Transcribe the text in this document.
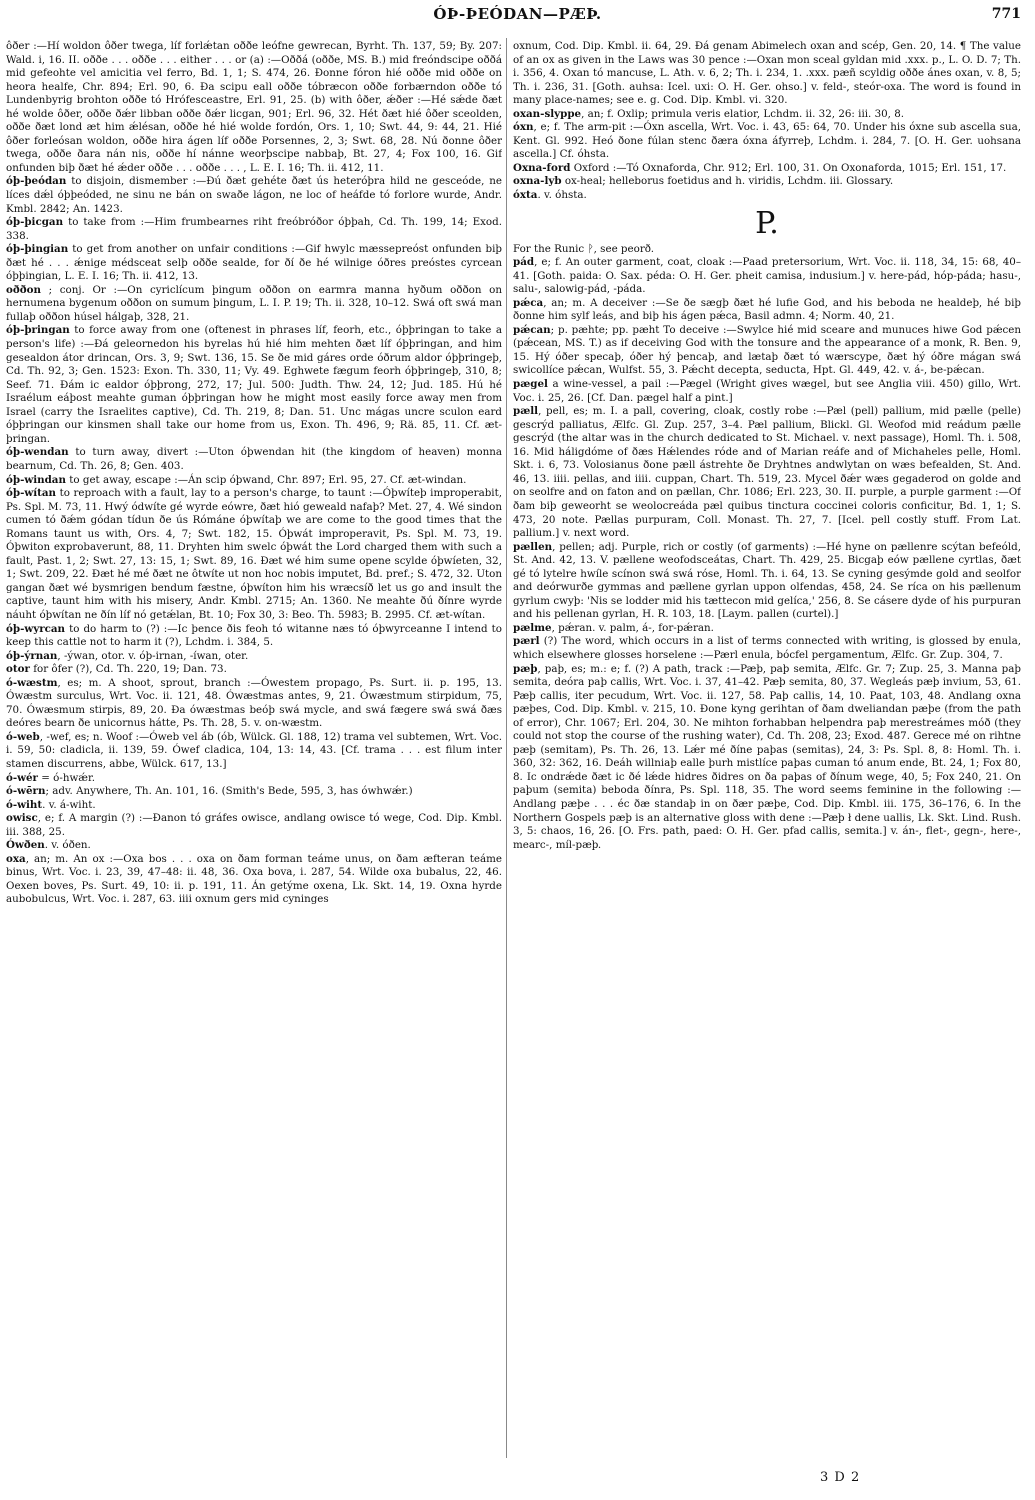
ÓÞ-ÞEÓDAN—PÆÞ.	771

ôðer :—Hí woldon ôðer twega, líf forlǽtan oððe leófne gewrecan, Byrht. Th. 137, 59; By. 207: Wald. i, 16. II. oððe . . . oððe . . . either . . . or (a) :—Oððá (oððe, MS. B.) mid freóndscipe oððá mid gefeohte vel amicitia vel ferro, Bd. 1, 1; S. 474, 26. Ðonne fóron hié oððe mid oððe on heora healfe, Chr. 894; Erl. 90, 6. Ða scipu eall oððe tóbræcon oððe forbærndon oððe tó Lundenbyrig brohton oððe tó Hrófesceastre, Erl. 91, 25. (b) with ôðer, ǽðer :—Hé sǽde ðæt hé wolde ôðer, oððe ðǽr libban oððe ðǽr licgan, 901; Erl. 96, 32. Hét ðæt hié ôðer sceolden, oððe ðæt lond æt him ǽlésan, oððe hé hié wolde fordón, Ors. 1, 10; Swt. 44, 9: 44, 21. Hié ôðer forleósan woldon, oððe hira ágen líf oððe Porsennes, 2, 3; Swt. 68, 28. Nú ðonne ôðer twega, oððe ðara nán nis, oððe hí nánne weorþscipe nabbaþ, Bt. 27, 4; Fox 100, 16. Gif onfunden biþ ðæt hé ǽder oððe . . . oððe . . . , L. E. I. 16; Th. ii. 412, 11.

óþ-þeódan to disjoin, dismember :—Ðú ðæt gehéte ðæt ús heteróþra hild ne gesceóde, ne líces dǽl óþþeóded, ne sinu ne bán on swaðe lágon, ne loc of heáfde tó forlore wurde, Andr. Kmbl. 2842; An. 1423.

óþ-þicgan to take from :—Him frumbearnes riht freóbróðor óþþah, Cd. Th. 199, 14; Exod. 338.

óþ-þingian to get from another on unfair conditions :—Gif hwylc mæssepreóst onfunden biþ ðæt hé . . . ǽnige médsceat selþ oððe sealde, for ðí ðe hé wilnige óðres preóstes cyrcean óþþingian, L. E. I. 16; Th. ii. 412, 13.

oððon ; conj. Or :—On cyriclícum þingum oððon on earmra manna hyðum oððon on hernumena bygenum oððon on sumum þingum, L. I. P. 19; Th. ii. 328, 10–12. Swá oft swá man fullaþ oððon húsel hálgaþ, 328, 21.

óþ-þringan to force away from one (oftenest in phrases líf, feorh, etc., óþþringan to take a person's life) :—Ðá geleornedon his byrelas hú hié him mehten ðæt líf óþþringan, and him gesealdon átor drincan, Ors. 3, 9; Swt. 136, 15. Se ðe mid gáres orde óðrum aldor óþþringeþ, Cd. Th. 92, 3; Gen. 1523: Exon. Th. 330, 11; Vy. 49. Eghwete fægum feorh óþþringeþ, 310, 8; Seef. 71. Ðám ic ealdor óþþrong, 272, 17; Jul. 500: Judth. Thw. 24, 12; Jud. 185. Hú hé Israélum eáþost meahte guman óþþringan how he might most easily force away men from Israel (carry the Israelites captive), Cd. Th. 219, 8; Dan. 51. Unc mágas uncre sculon eard óþþringan our kinsmen shall take our home from us, Exon. Th. 496, 9; Rä. 85, 11. Cf. æt-þringan.

óþ-wendan to turn away, divert :—Uton óþwendan hit (the kingdom of heaven) monna bearnum, Cd. Th. 26, 8; Gen. 403.

óþ-windan to get away, escape :—Án scip óþwand, Chr. 897; Erl. 95, 27. Cf. æt-windan.

óþ-wítan to reproach with a fault, lay to a person's charge, to taunt :—Óþwíteþ improperabit, Ps. Spl. M. 73, 11. Hwý ódwíte gé wyrde eówre, ðæt hió geweald nafaþ? Met. 27, 4. Wé sindon cumen tó ðǽm gódan tídun ðe ús Rómáne óþwítaþ we are come to the good times that the Romans taunt us with, Ors. 4, 7; Swt. 182, 15. Óþwát improperavit, Ps. Spl. M. 73, 19. Óþwiton exprobaverunt, 88, 11. Dryhten him swelc óþwát the Lord charged them with such a fault, Past. 1, 2; Swt. 27, 13: 15, 1; Swt. 89, 16. Ðæt wé him sume opene scylde óþwíeten, 32, 1; Swt. 209, 22. Ðæt hé mé ðæt ne ôtwíte ut non hoc nobis imputet, Bd. pref.; S. 472, 32. Uton gangan ðæt wé bysmrigen bendum fæstne, óþwíton him his wræcsíð let us go and insult the captive, taunt him with his misery, Andr. Kmbl. 2715; An. 1360. Ne meahte ðú ðínre wyrde náuht óþwítan ne ðín líf nó getǽlan, Bt. 10; Fox 30, 3: Beo. Th. 5983; B. 2995. Cf. æt-wítan.

óþ-wyrcan to do harm to (?) :—Ic þence ðis feoh tó witanne næs tó óþwyrceanne I intend to keep this cattle not to harm it (?), Lchdm. i. 384, 5.

óþ-ýrnan, -ýwan, otor. v. óþ-irnan, -íwan, oter.

otor for ôfer (?), Cd. Th. 220, 19; Dan. 73.

ó-wæstm, es; m. A shoot, sprout, branch :—Ówestem propago, Ps. Surt. ii. p. 195, 13. Ówæstm surculus, Wrt. Voc. ii. 121, 48. Ówæstmas antes, 9, 21. Ówæstmum stirpidum, 75, 70. Ówæsmum stirpis, 89, 20. Ða ówæstmas beóþ swá mycle, and swá fægere swá swá ðæs deóres bearn ðe unicornus hátte, Ps. Th. 28, 5. v. on-wæstm.

ó-web, -wef, es; n. Woof :—Óweb vel áb (ób, Wülck. Gl. 188, 12) trama vel subtemen, Wrt. Voc. i. 59, 50: cladicla, ii. 139, 59. Ówef cladica, 104, 13: 14, 43. [Cf. trama . . . est filum inter stamen discurrens, abbe, Wülck. 617, 13.]

ó-wér = ó-hwǽr.

ó-wērn; adv. Anywhere, Th. An. 101, 16. (Smith's Bede, 595, 3, has ówhwǽr.)

ó-wiht. v. á-wiht.

owisc, e; f. A margin (?) :—Ðanon tó gráfes owisce, andlang owisce tó wege, Cod. Dip. Kmbl. iii. 388, 25.

Ówðen. v. óðen.

oxa, an; m. An ox :—Oxa bos . . . oxa on ðam forman teáme unus, on ðam æfteran teáme binus, Wrt. Voc. i. 23, 39, 47–48: ii. 48, 36. Oxa bova, i. 287, 54. Wilde oxa bubalus, 22, 46. Oexen boves, Ps. Surt. 49, 10: ii. p. 191, 11. Án getýme oxena, Lk. Skt. 14, 19. Oxna hyrde aubobulcus, Wrt. Voc. i. 287, 63. iiii oxnum gers mid cyninges

oxnum, Cod. Dip. Kmbl. ii. 64, 29. Ðá genam Abimelech oxan and scép, Gen. 20, 14. ¶ The value of an ox as given in the Laws was 30 pence :—Oxan mon sceal gyldan mid .xxx. p., L. O. D. 7; Th. i. 356, 4. Oxan tó mancuse, L. Ath. v. 6, 2; Th. i. 234, 1. .xxx. pæñ scyldig oððe ánes oxan, v. 8, 5; Th. i. 236, 31. [Goth. auhsa: Icel. uxi: O. H. Ger. ohso.] v. feld-, steór-oxa. The word is found in many place-names; see e. g. Cod. Dip. Kmbl. vi. 320.

oxan-slyppe, an; f. Oxlip; primula veris elatior, Lchdm. ii. 32, 26: iii. 30, 8.

óxn, e; f. The arm-pit :—Óxn ascella, Wrt. Voc. i. 43, 65: 64, 70. Under his óxne sub ascella sua, Kent. Gl. 992. Heó ðone fúlan stenc ðæra óxna áfyrreþ, Lchdm. i. 284, 7. [O. H. Ger. uohsana ascella.] Cf. óhsta.

Oxna-ford Oxford :—Tó Oxnaforda, Chr. 912; Erl. 100, 31. On Oxonaforda, 1015; Erl. 151, 17.

oxna-lyb ox-heal; helleborus foetidus and h. viridis, Lchdm. iii. Glossary.

óxta. v. óhsta.

P.

For the Runic ᚹ, see peorð.

pád, e; f. An outer garment, coat, cloak :—Paad pretersorium, Wrt. Voc. ii. 118, 34, 15: 68, 40–41. [Goth. paida: O. Sax. péda: O. H. Ger. pheit camisa, indusium.] v. here-pád, hóp-páda; hasu-, salu-, salowig-pád, -páda.

pǽca, an; m. A deceiver :—Se ðe sægþ ðæt hé lufie God, and his beboda ne healdeþ, hé biþ ðonne him sylf leás, and biþ his ágen pǽca, Basil admn. 4; Norm. 40, 21.

pǽcan; p. pæhte; pp. pæht To deceive :—Swylce hié mid sceare and munuces hiwe God pǽcen (pǽcean, MS. T.) as if deceiving God with the tonsure and the appearance of a monk, R. Ben. 9, 15. Hý óðer specaþ, óðer hý þencaþ, and lætaþ ðæt tó wærscype, ðæt hý óðre mágan swá swicollíce pǽcan, Wulfst. 55, 3. Pǽcht decepta, seducta, Hpt. Gl. 449, 42. v. á-, be-pǽcan.

pægel a wine-vessel, a pail :—Pægel (Wright gives wægel, but see Anglia viii. 450) gillo, Wrt. Voc. i. 25, 26. [Cf. Dan. pægel half a pint.]

pæll, pell, es; m. I. a pall, covering, cloak, costly robe :—Pæl (pell) pallium, mid pælle (pelle) gescrýd palliatus, Ælfc. Gl. Zup. 257, 3–4. Pæl pallium, Blickl. Gl. Weofod mid reádum pælle gescrýd (the altar was in the church dedicated to St. Michael. v. next passage), Homl. Th. i. 508, 16. Mid háligdóme of ðæs Hǽlendes róde and of Marian reáfe and of Michaheles pelle, Homl. Skt. i. 6, 73. Volosianus ðone pæll ástrehte ðe Dryhtnes andwlytan on wæs befealden, St. And. 46, 13. iiii. pellas, and iiii. cuppan, Chart. Th. 519, 23. Mycel ðǽr wæs gegaderod on golde and on seolfre and on faton and on pællan, Chr. 1086; Erl. 223, 30. II. purple, a purple garment :—Of ðam biþ geweorht se weolocreáda pæl quibus tinctura coccinei coloris conficitur, Bd. 1, 1; S. 473, 20 note. Pællas purpuram, Coll. Monast. Th. 27, 7. [Icel. pell costly stuff. From Lat. pallium.] v. next word.

pællen, pellen; adj. Purple, rich or costly (of garments) :—Hé hyne on pællenre scýtan befeóld, St. And. 42, 13. V. pællene weofodsceátas, Chart. Th. 429, 25. Bicgaþ eów pællene cyrtlas, ðæt gé tó lytelre hwíle scínon swá swá róse, Homl. Th. i. 64, 13. Se cyning gesýmde gold and seolfor and deórwurðe gymmas and pællene gyrlan uppon olfendas, 458, 24. Se ríca on his pællenum gyrlum cwyþ: 'Nis se lodder mid his tættecon mid gelíca,' 256, 8. Se cásere dyde of his purpuran and his pellenan gyrlan, H. R. 103, 18. [Laym. pallen (curtel).]

pælme, pǽran. v. palm, á-, for-pǽran.

pærl (?) The word, which occurs in a list of terms connected with writing, is glossed by enula, which elsewhere glosses horselene :—Pærl enula, bócfel pergamentum, Ælfc. Gr. Zup. 304, 7.

pæþ, paþ, es; m.: e; f. (?) A path, track :—Pæþ, paþ semita, Ælfc. Gr. 7; Zup. 25, 3. Manna paþ semita, deóra paþ callis, Wrt. Voc. i. 37, 41–42. Pæþ semita, 80, 37. Wegleás pæþ invium, 53, 61. Pæþ callis, iter pecudum, Wrt. Voc. ii. 127, 58. Paþ callis, 14, 10. Paat, 103, 48. Andlang oxna pæþes, Cod. Dip. Kmbl. v. 215, 10. Ðone kyng gerihtan of ðam dweliandan pæþe (from the path of error), Chr. 1067; Erl. 204, 30. Ne mihton forhabban helpendra paþ merestreámes móð (they could not stop the course of the rushing water), Cd. Th. 208, 23; Exod. 487. Gerece mé on rihtne pæþ (semitam), Ps. Th. 26, 13. Lǽr mé ðíne paþas (semitas), 24, 3: Ps. Spl. 8, 8: Homl. Th. i. 360, 32: 362, 16. Deáh willniaþ ealle þurh mistlíce paþas cuman tó anum ende, Bt. 24, 1; Fox 80, 8. Ic ondrǽde ðæt ic ðé lǽde hidres ðidres on ða paþas of ðínum wege, 40, 5; Fox 240, 21. On paþum (semita) beboda ðínra, Ps. Spl. 118, 35. The word seems feminine in the following :—Andlang pæþe . . . éc ðæ standaþ in on ðær pæþe, Cod. Dip. Kmbl. iii. 175, 36–176, 6. In the Northern Gospels pæþ is an alternative gloss with dene :—Pæþ ł dene uallis, Lk. Skt. Lind. Rush. 3, 5: chaos, 16, 26. [O. Frs. path, paed: O. H. Ger. pfad callis, semita.] v. án-, flet-, gegn-, here-, mearc-, míl-pæþ.

3 D 2
